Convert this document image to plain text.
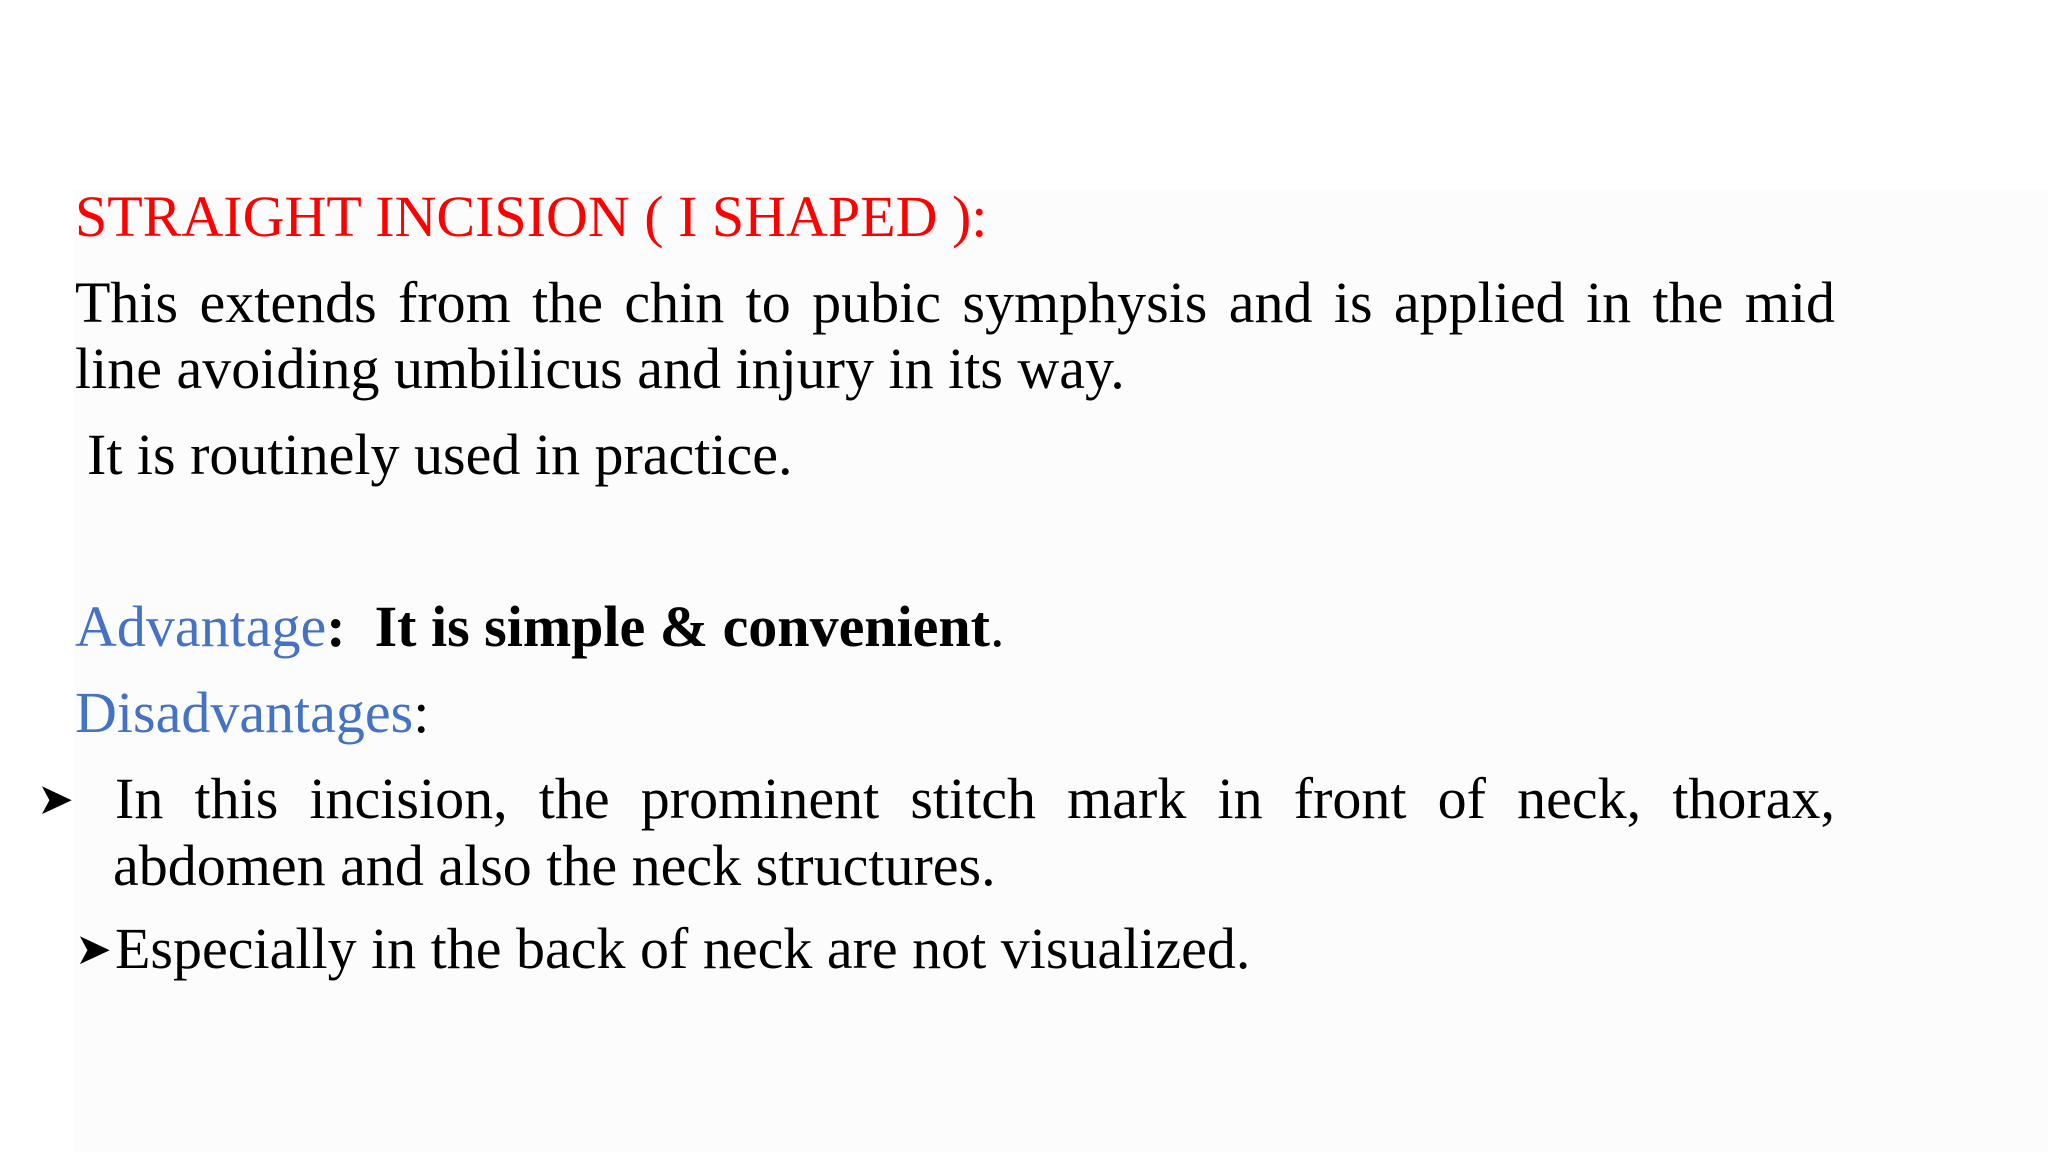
STRAIGHT INCISION ( I SHAPED ):

This extends from the chin to pubic symphysis and is applied in the mid line avoiding umbilicus and injury in its way.

It is routinely used in practice.

Advantage: It is simple & convenient.

Disadvantages:

➤ In this incision, the prominent stitch mark in front of neck, thorax, abdomen and also the neck structures.

➤Especially in the back of neck are not visualized.
